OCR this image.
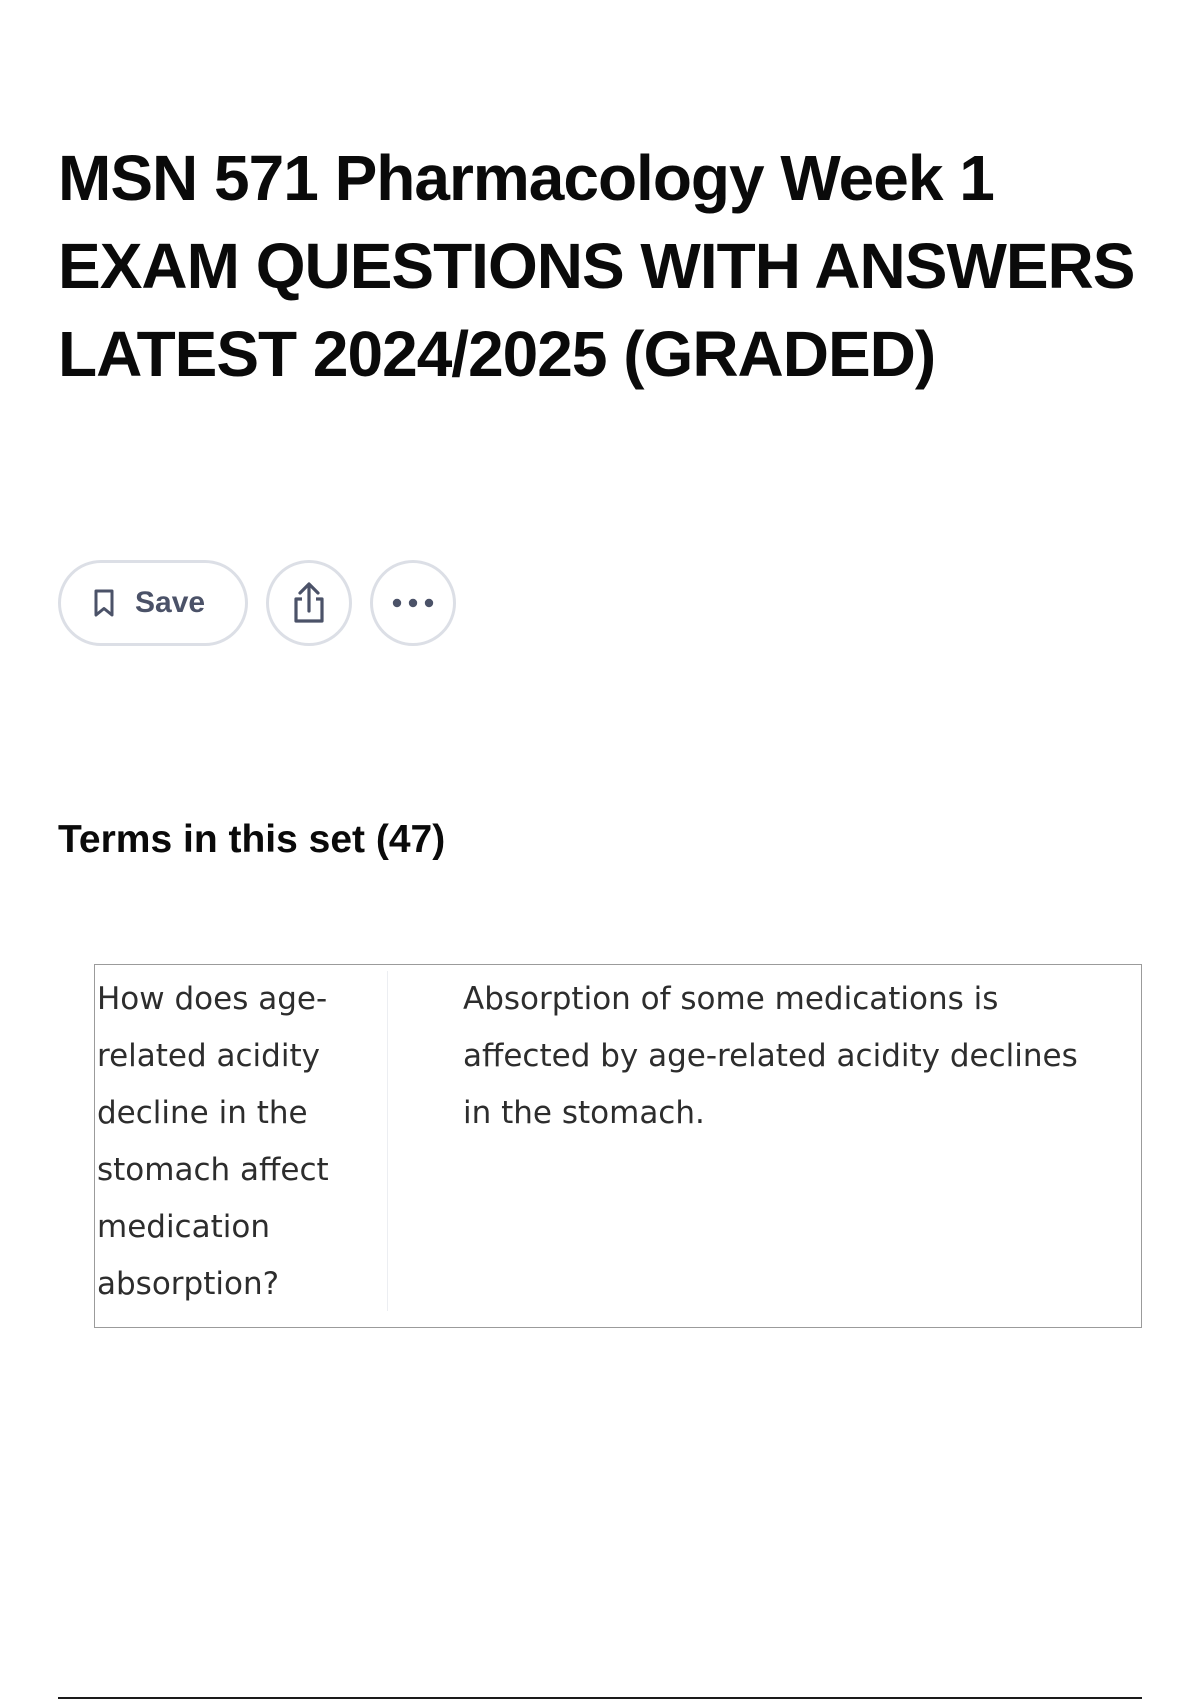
MSN 571 Pharmacology Week 1 EXAM QUESTIONS WITH ANSWERS LATEST 2024/2025 (GRADED)
Save
Terms in this set (47)
How does age-related acidity decline in the stomach affect medication absorption?
Absorption of some medications is affected by age-related acidity declines in the stomach.
